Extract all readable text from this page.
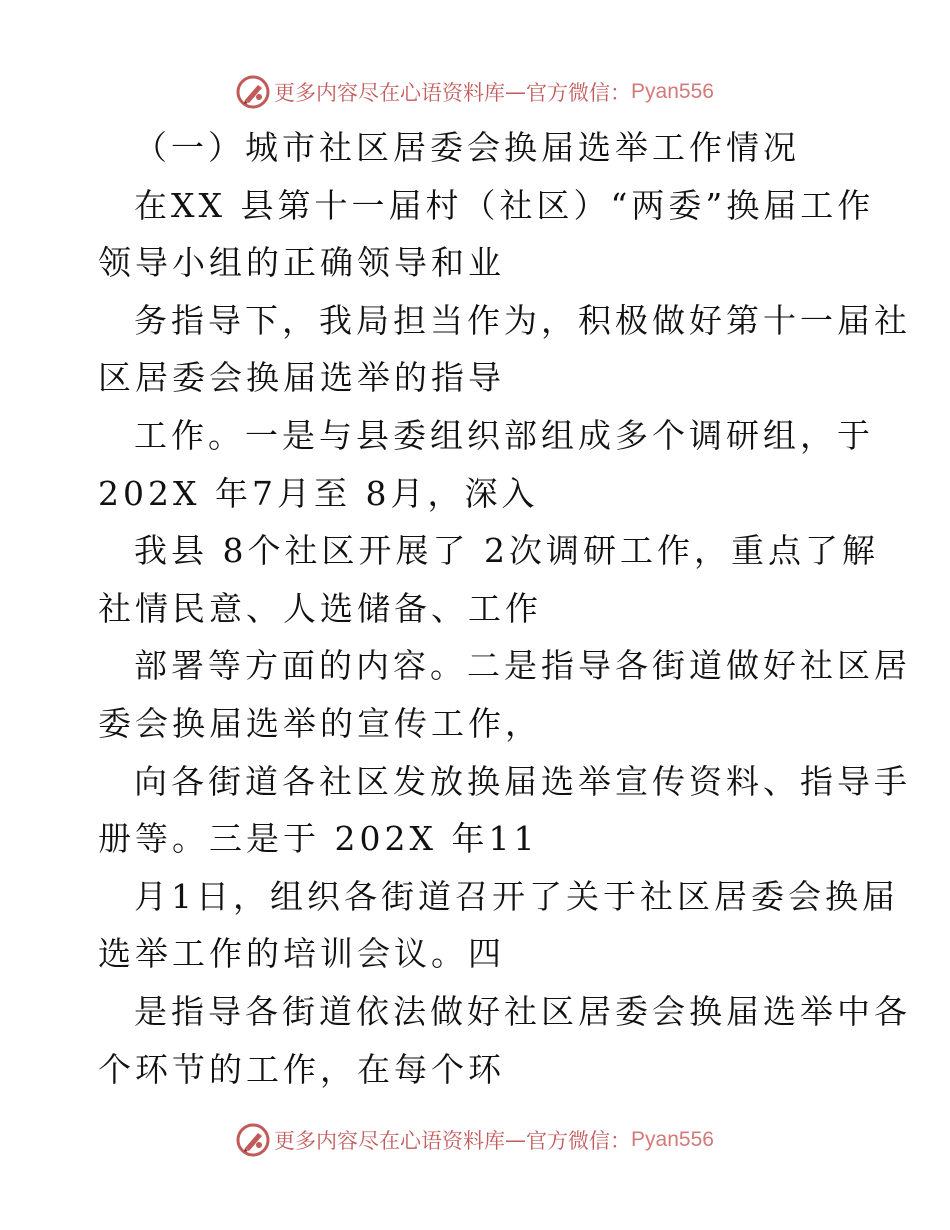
更多内容尽在心语资料库 — 官方微信： Pyan556
（一）城市社区居委会换届选举工作情况
在XX 县第十一届村（社区）“两委”换届工作
领导小组的正确领导和业
务指导下，我局担当作为，积极做好第十一届社
区居委会换届选举的指导
工作。一是与县委组织部组成多个调研组，于
202X 年7月至 8月，深入
我县 8个社区开展了 2次调研工作，重点了解
社情民意、人选储备、工作
部署等方面的内容。二是指导各街道做好社区居
委会换届选举的宣传工作，
向各街道各社区发放换届选举宣传资料、指导手
册等。三是于 202X 年11
月1日，组织各街道召开了关于社区居委会换届
选举工作的培训会议。四
是指导各街道依法做好社区居委会换届选举中各
个环节的工作，在每个环
更多内容尽在心语资料库 — 官方微信： Pyan556
